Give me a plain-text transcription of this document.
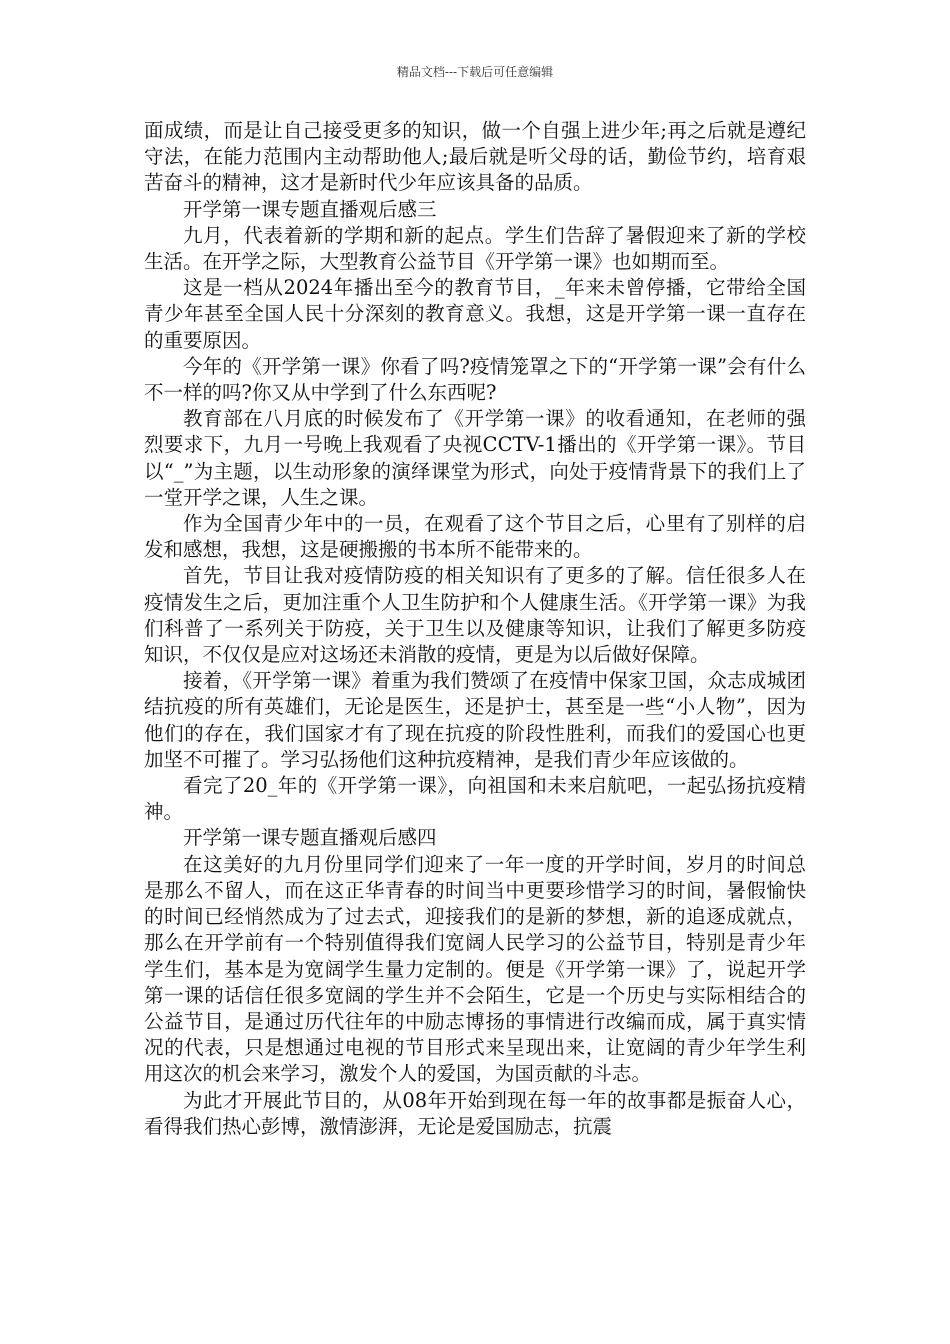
精品文档---下载后可任意编辑

面成绩，而是让自己接受更多的知识，做一个自强上进少年;再之后就是遵纪守法，在能力范围内主动帮助他人;最后就是听父母的话，勤俭节约，培育艰苦奋斗的精神，这才是新时代少年应该具备的品质。

开学第一课专题直播观后感三

九月，代表着新的学期和新的起点。学生们告辞了暑假迎来了新的学校生活。在开学之际，大型教育公益节目《开学第一课》也如期而至。

这是一档从2024年播出至今的教育节目，_年来未曾停播，它带给全国青少年甚至全国人民十分深刻的教育意义。我想，这是开学第一课一直存在的重要原因。

今年的《开学第一课》你看了吗?疫情笼罩之下的“开学第一课”会有什么不一样的吗?你又从中学到了什么东西呢?

教育部在八月底的时候发布了《开学第一课》的收看通知，在老师的强烈要求下，九月一号晚上我观看了央视CCTV-1播出的《开学第一课》。节目以“_”为主题，以生动形象的演绎课堂为形式，向处于疫情背景下的我们上了一堂开学之课，人生之课。

作为全国青少年中的一员，在观看了这个节目之后，心里有了别样的启发和感想，我想，这是硬搬搬的书本所不能带来的。

首先，节目让我对疫情防疫的相关知识有了更多的了解。信任很多人在疫情发生之后，更加注重个人卫生防护和个人健康生活。《开学第一课》为我们科普了一系列关于防疫，关于卫生以及健康等知识，让我们了解更多防疫知识，不仅仅是应对这场还未消散的疫情，更是为以后做好保障。

接着，《开学第一课》着重为我们赞颂了在疫情中保家卫国，众志成城团结抗疫的所有英雄们，无论是医生，还是护士，甚至是一些“小人物”，因为他们的存在，我们国家才有了现在抗疫的阶段性胜利，而我们的爱国心也更加坚不可摧了。学习弘扬他们这种抗疫精神，是我们青少年应该做的。

看完了20_年的《开学第一课》，向祖国和未来启航吧，一起弘扬抗疫精神。

开学第一课专题直播观后感四

在这美好的九月份里同学们迎来了一年一度的开学时间，岁月的时间总是那么不留人，而在这正华青春的时间当中更要珍惜学习的时间，暑假愉快的时间已经悄然成为了过去式，迎接我们的是新的梦想，新的追逐成就点，那么在开学前有一个特别值得我们宽阔人民学习的公益节目，特别是青少年学生们，基本是为宽阔学生量力定制的。便是《开学第一课》了，说起开学第一课的话信任很多宽阔的学生并不会陌生，它是一个历史与实际相结合的公益节目，是通过历代往年的中励志博扬的事情进行改编而成，属于真实情况的代表，只是想通过电视的节目形式来呈现出来，让宽阔的青少年学生利用这次的机会来学习，激发个人的爱国，为国贡献的斗志。

为此才开展此节目的，从08年开始到现在每一年的故事都是振奋人心，看得我们热心彭博，激情澎湃，无论是爱国励志，抗震
